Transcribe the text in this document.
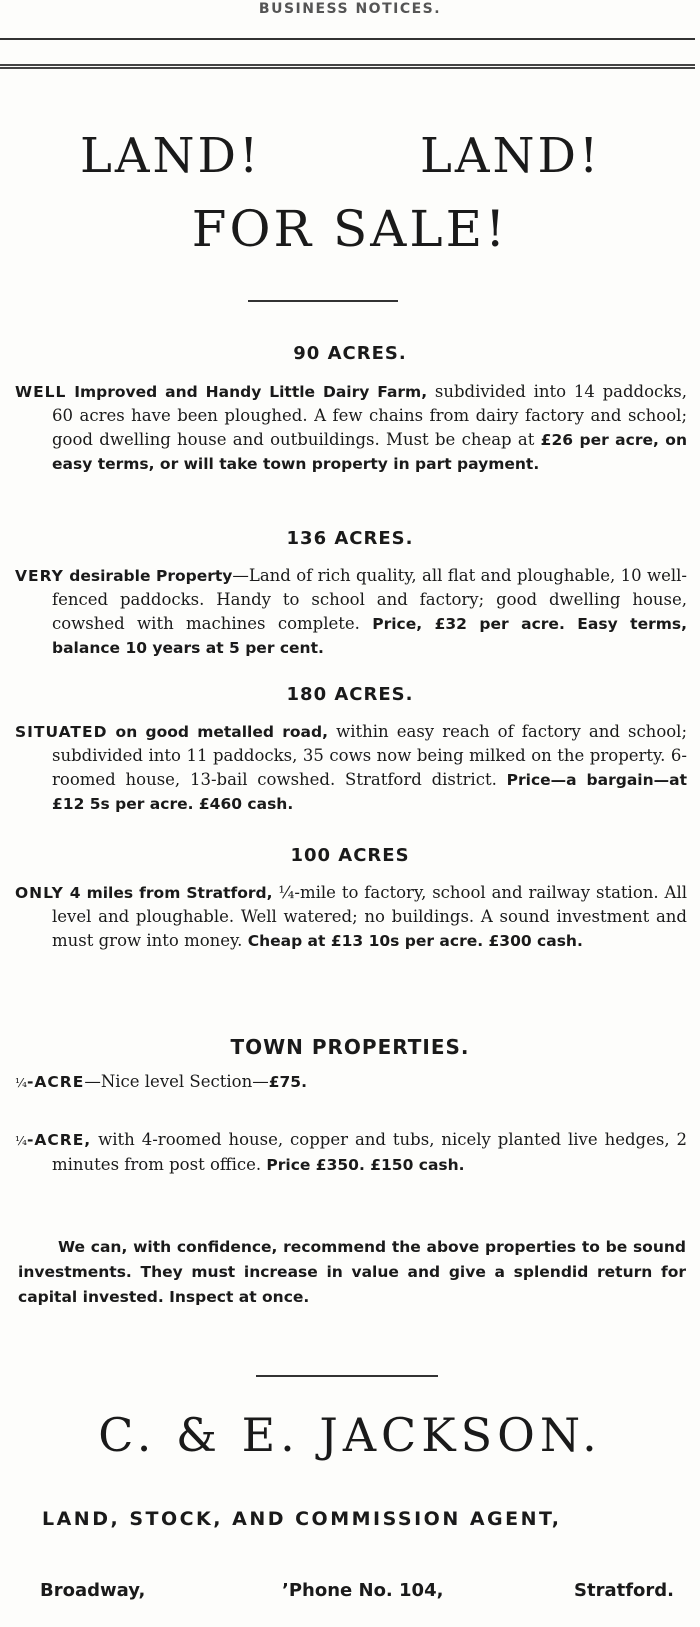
BUSINESS NOTICES.
LAND!	LAND!
FOR SALE!
90 ACRES.
WELL Improved and Handy Little Dairy Farm, subdivided into 14 paddocks, 60 acres have been ploughed. A few chains from dairy factory and school; good dwelling house and outbuildings. Must be cheap at £26 per acre, on easy terms, or will take town property in part payment.
136 ACRES.
VERY desirable Property—Land of rich quality, all flat and ploughable, 10 well-fenced paddocks. Handy to school and factory; good dwelling house, cowshed with machines complete. Price, £32 per acre. Easy terms, balance 10 years at 5 per cent.
180 ACRES.
SITUATED on good metalled road, within easy reach of factory and school; subdivided into 11 paddocks, 35 cows now being milked on the property. 6-roomed house, 13-bail cowshed. Stratford district. Price—a bargain—at £12 5s per acre. £460 cash.
100 ACRES
ONLY 4 miles from Stratford, ¼-mile to factory, school and railway station. All level and ploughable. Well watered; no buildings. A sound investment and must grow into money. Cheap at £13 10s per acre. £300 cash.
TOWN PROPERTIES.
¼-ACRE—Nice level Section—£75.
¼-ACRE, with 4-roomed house, copper and tubs, nicely planted live hedges, 2 minutes from post office. Price £350. £150 cash.
We can, with confidence, recommend the above properties to be sound investments. They must increase in value and give a splendid return for capital invested. Inspect at once.
C. & E. JACKSON.
LAND, STOCK, AND COMMISSION AGENT,
Broadway,	’Phone No. 104,	Stratford.
